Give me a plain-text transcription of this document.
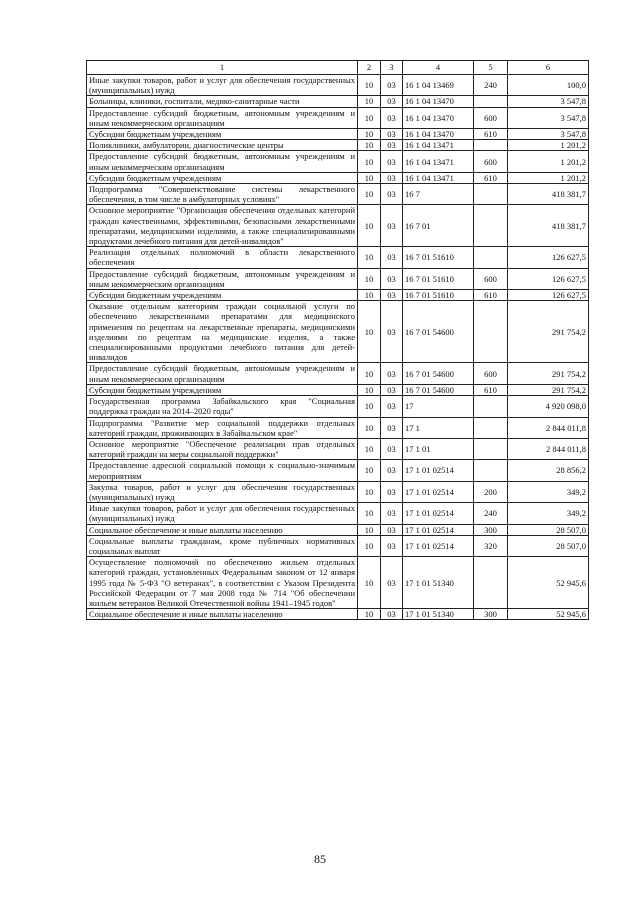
1	2	3	4	5	6
Иные закупки товаров, работ и услуг для обеспечения государственных (муниципальных) нужд	10	03	16 1 04 13469	240	100,0
Больницы, клиники, госпитали, медико-санитарные части	10	03	16 1 04 13470		3 547,8
Предоставление субсидий бюджетным, автономным учреждениям и иным некоммерческим организациям	10	03	16 1 04 13470	600	3 547,8
Субсидии бюджетным учреждениям	10	03	16 1 04 13470	610	3 547,8
Поликлиники, амбулатории, диагностические центры	10	03	16 1 04 13471		1 201,2
Предоставление субсидий бюджетным, автономным учреждениям и иным некоммерческим организациям	10	03	16 1 04 13471	600	1 201,2
Субсидии бюджетным учреждениям	10	03	16 1 04 13471	610	1 201,2
Подпрограмма "Совершенствование системы лекарственного обеспечения, в том числе в амбулаторных условиях"	10	03	16 7		418 381,7
Основное мероприятие "Организация обеспечения отдельных категорий граждан качественными, эффективными, безопасными лекарственными препаратами, медицинскими изделиями, а также специализированными продуктами лечебного питания для детей-инвалидов"	10	03	16 7 01		418 381,7
Реализация отдельных полномочий в области лекарственного обеспечения	10	03	16 7 01 51610		126 627,5
Предоставление субсидий бюджетным, автономным учреждениям и иным некоммерческим организациям	10	03	16 7 01 51610	600	126 627,5
Субсидии бюджетным учреждениям	10	03	16 7 01 51610	610	126 627,5
Оказание отдельным категориям граждан социальной услуги по обеспечению лекарственными препаратами для медицинского применения по рецептам на лекарственные препараты, медицинскими изделиями по рецептам на медицинские изделия, а также специализированными продуктами лечебного питания для детей-инвалидов	10	03	16 7 01 54600		291 754,2
Предоставление субсидий бюджетным, автономным учреждениям и иным некоммерческим организациям	10	03	16 7 01 54600	600	291 754,2
Субсидии бюджетным учреждениям	10	03	16 7 01 54600	610	291 754,2
Государственная программа Забайкальского края "Социальная поддержка граждан на 2014–2020 годы"	10	03	17		4 920 098,0
Подпрограмма "Развитие мер социальной поддержки отдельных категорий граждан, проживающих в Забайкальском крае"	10	03	17 1		2 844 011,8
Основное мероприятие "Обеспечение реализации прав отдельных категорий граждан на меры социальной поддержки"	10	03	17 1 01		2 844 011,8
Предоставление адресной социальной помощи к социально-значимым мероприятиям	10	03	17 1 01 02514		28 856,2
Закупка товаров, работ и услуг для обеспечения государственных (муниципальных) нужд	10	03	17 1 01 02514	200	349,2
Иные закупки товаров, работ и услуг для обеспечения государственных (муниципальных) нужд	10	03	17 1 01 02514	240	349,2
Социальное обеспечение и иные выплаты населению	10	03	17 1 01 02514	300	28 507,0
Социальные выплаты гражданам, кроме публичных нормативных социальных выплат	10	03	17 1 01 02514	320	28 507,0
Осуществление полномочий по обеспечению жильем отдельных категорий граждан, установленных Федеральным законом от 12 января 1995 года № 5-ФЗ "О ветеранах", в соответствии с Указом Президента Российской Федерации от 7 мая 2008 года № 714 "Об обеспечении жильем ветеранов Великой Отечественной войны 1941–1945 годов"	10	03	17 1 01 51340		52 945,6
Социальное обеспечение и иные выплаты населению	10	03	17 1 01 51340	300	52 945,6
85
